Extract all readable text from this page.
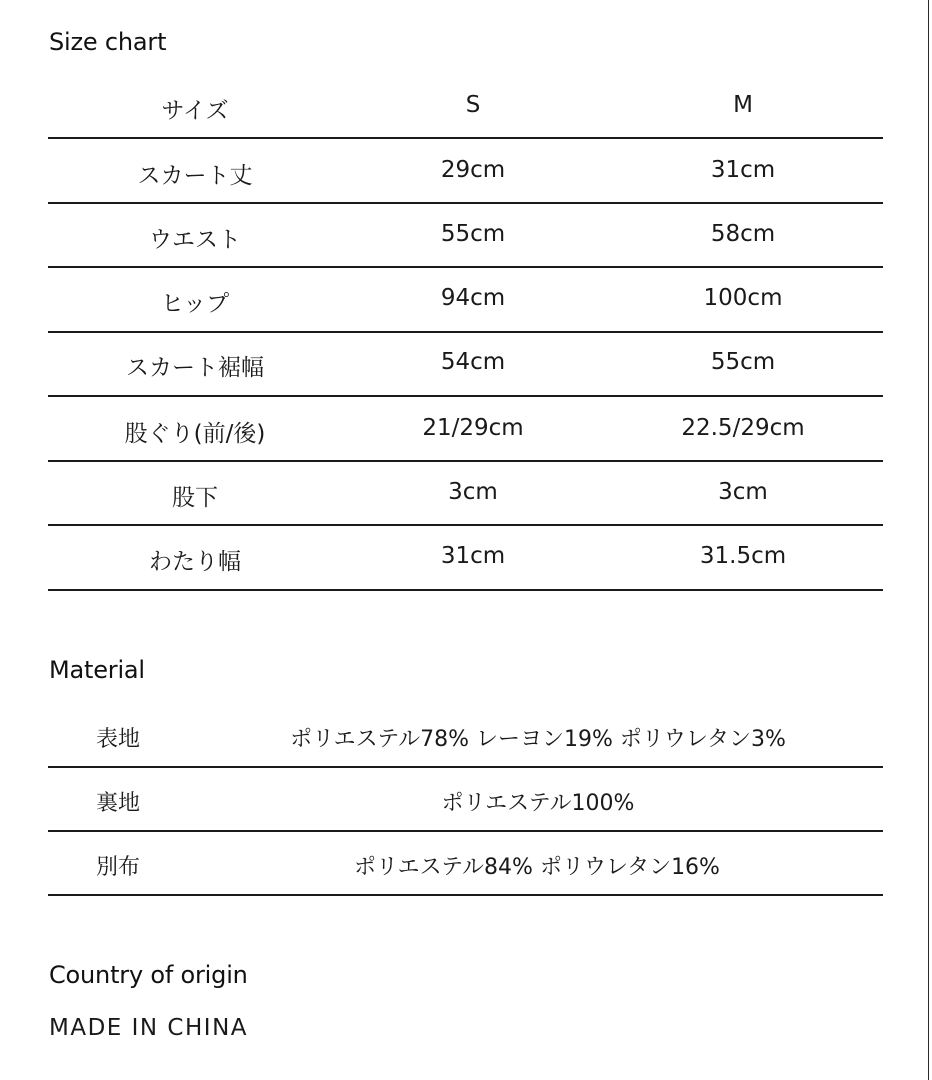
Size chart
サイズ	S	M
スカート丈	29cm	31cm
ウエスト	55cm	58cm
ヒップ	94cm	100cm
スカート裾幅	54cm	55cm
股ぐり(前/後)	21/29cm	22.5/29cm
股下	3cm	3cm
わたり幅	31cm	31.5cm
Material
表地	ポリエステル78% レーヨン19% ポリウレタン3%
裏地	ポリエステル100%
別布	ポリエステル84% ポリウレタン16%
Country of origin
MADE IN CHINA
